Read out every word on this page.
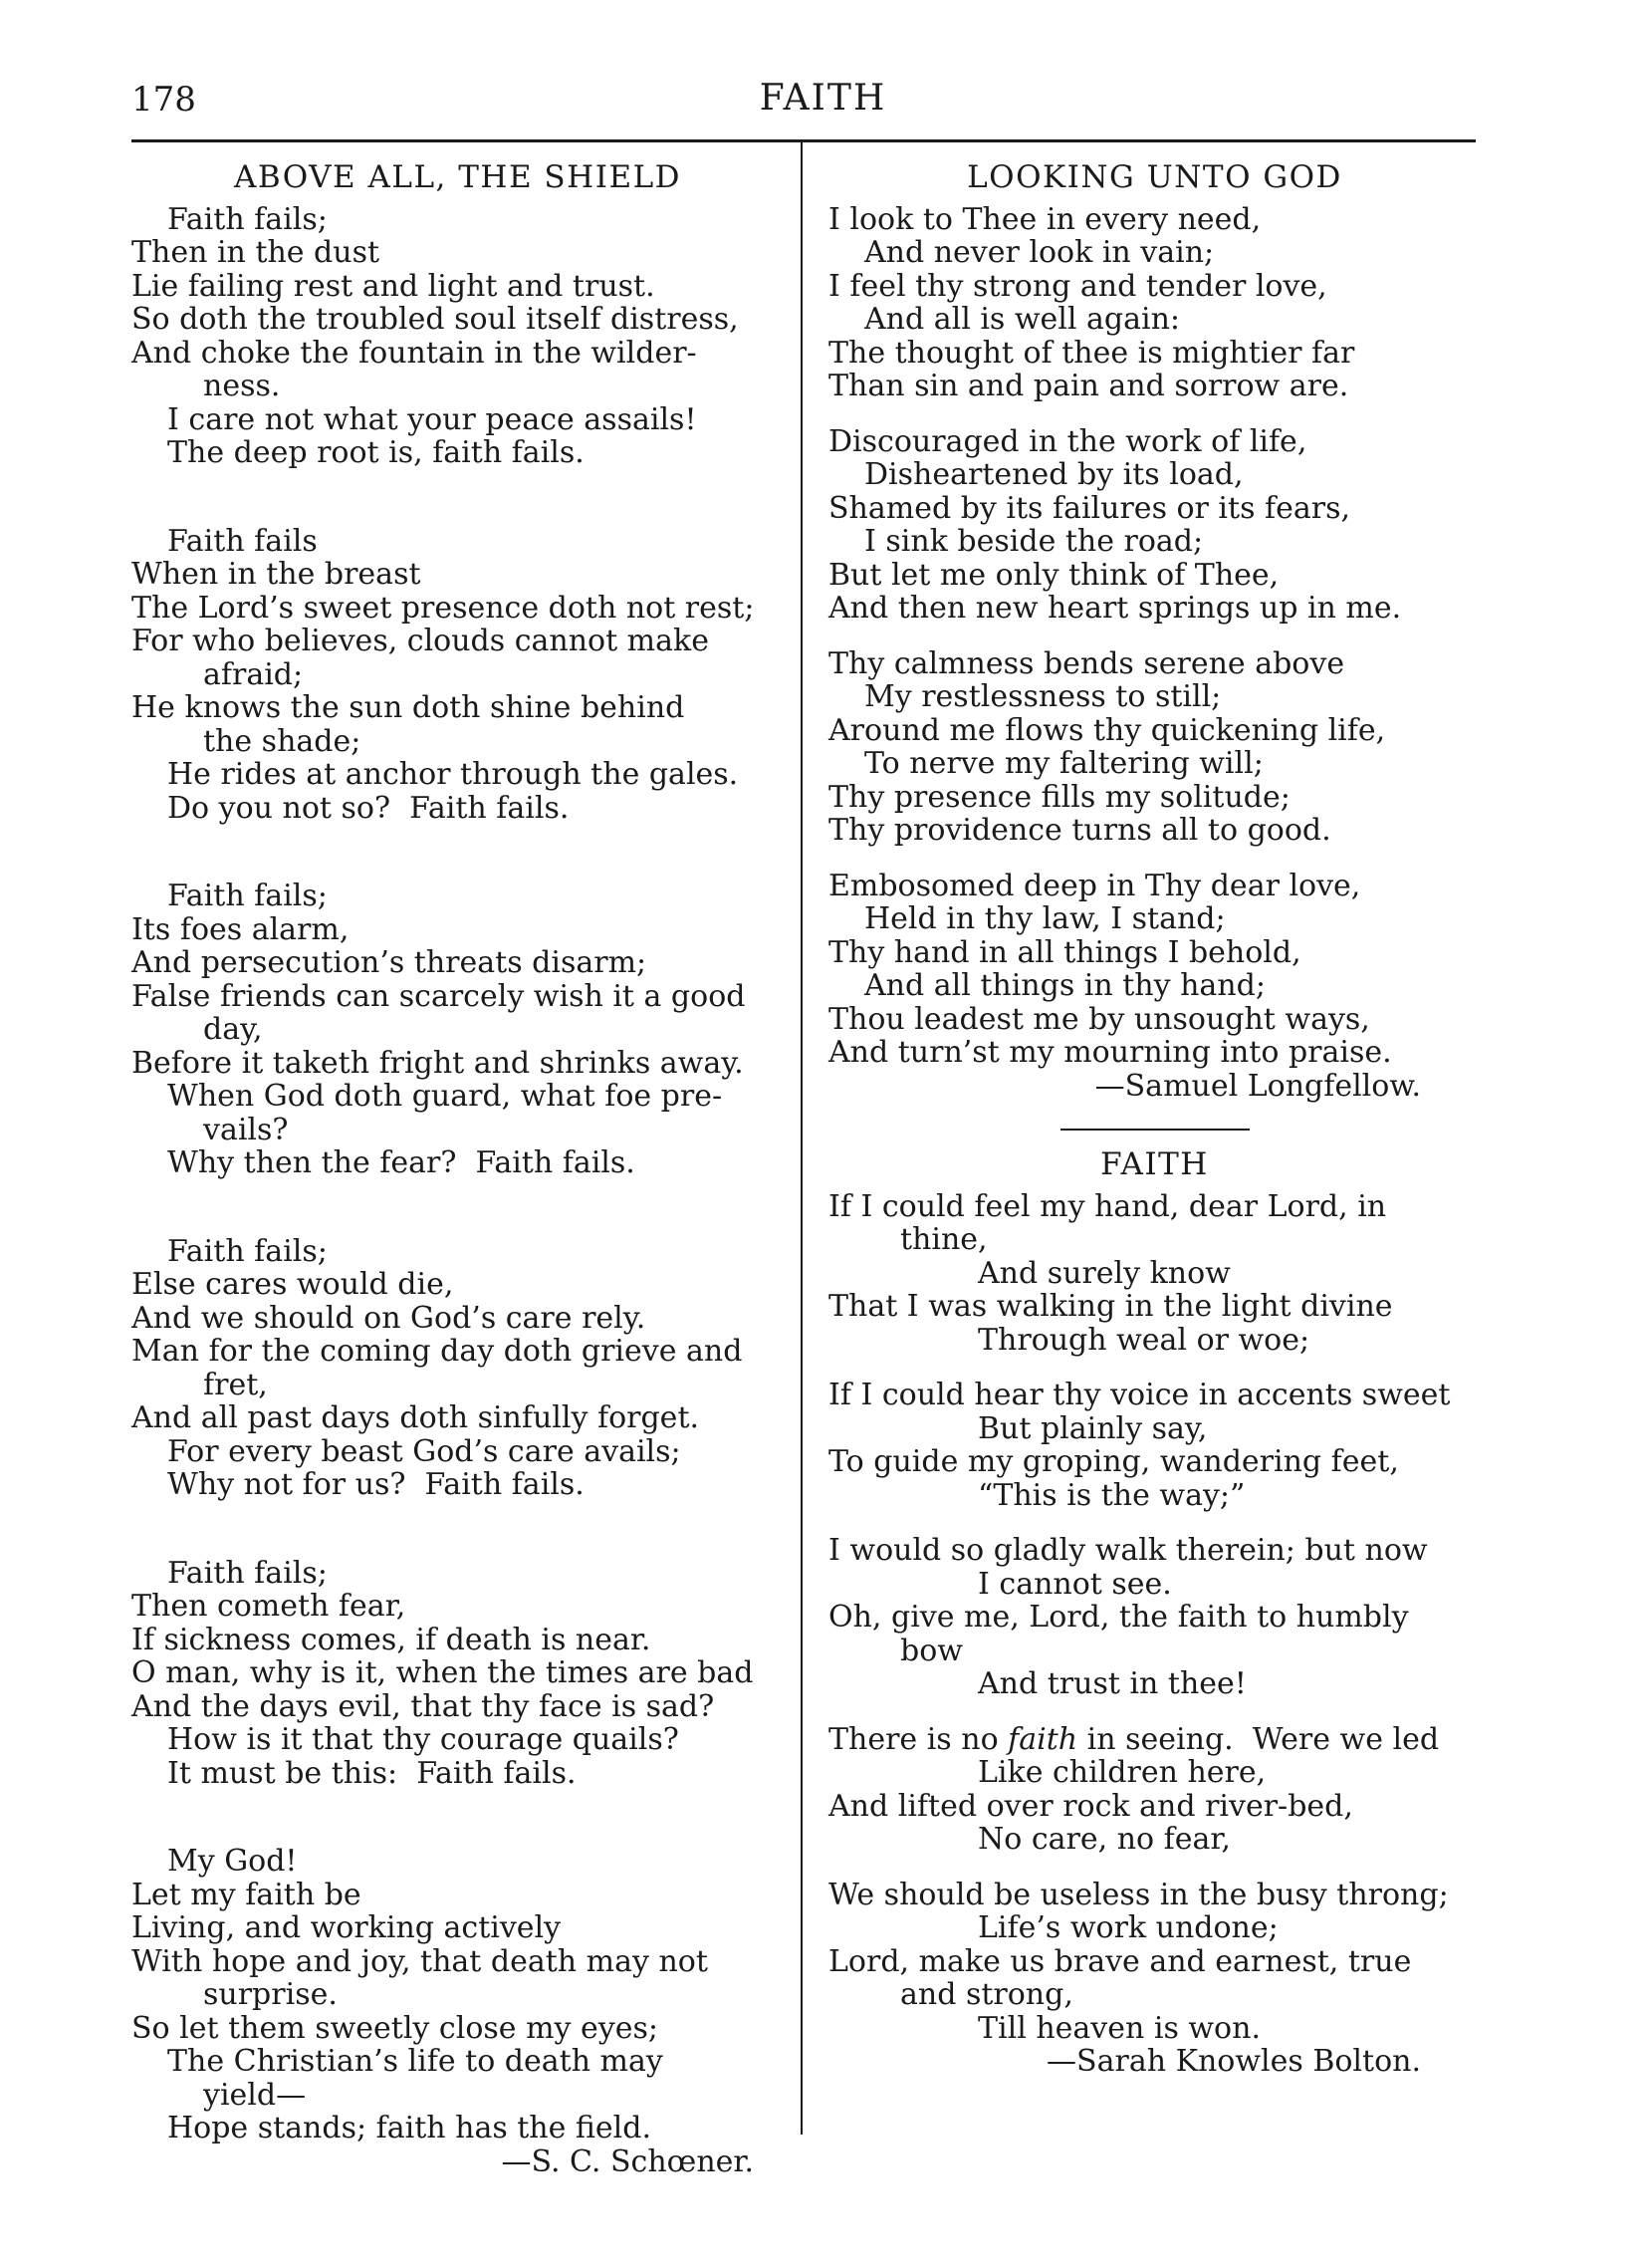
178	FAITH
ABOVE ALL, THE SHIELD
Faith fails;
Then in the dust
Lie failing rest and light and trust.
So doth the troubled soul itself distress,
And choke the fountain in the wilder-
ness.
I care not what your peace assails!
The deep root is, faith fails.
Faith fails
When in the breast
The Lord’s sweet presence doth not rest;
For who believes, clouds cannot make
afraid;
He knows the sun doth shine behind
the shade;
He rides at anchor through the gales.
Do you not so?  Faith fails.
Faith fails;
Its foes alarm,
And persecution’s threats disarm;
False friends can scarcely wish it a good
day,
Before it taketh fright and shrinks away.
When God doth guard, what foe pre-
vails?
Why then the fear?  Faith fails.
Faith fails;
Else cares would die,
And we should on God’s care rely.
Man for the coming day doth grieve and
fret,
And all past days doth sinfully forget.
For every beast God’s care avails;
Why not for us?  Faith fails.
Faith fails;
Then cometh fear,
If sickness comes, if death is near.
O man, why is it, when the times are bad
And the days evil, that thy face is sad?
How is it that thy courage quails?
It must be this:  Faith fails.
My God!
Let my faith be
Living, and working actively
With hope and joy, that death may not
surprise.
So let them sweetly close my eyes;
The Christian’s life to death may
yield—
Hope stands; faith has the field.
—S. C. Schœner.
LOOKING UNTO GOD
I look to Thee in every need,
And never look in vain;
I feel thy strong and tender love,
And all is well again:
The thought of thee is mightier far
Than sin and pain and sorrow are.
Discouraged in the work of life,
Disheartened by its load,
Shamed by its failures or its fears,
I sink beside the road;
But let me only think of Thee,
And then new heart springs up in me.
Thy calmness bends serene above
My restlessness to still;
Around me flows thy quickening life,
To nerve my faltering will;
Thy presence fills my solitude;
Thy providence turns all to good.
Embosomed deep in Thy dear love,
Held in thy law, I stand;
Thy hand in all things I behold,
And all things in thy hand;
Thou leadest me by unsought ways,
And turn’st my mourning into praise.
—Samuel Longfellow.
FAITH
If I could feel my hand, dear Lord, in
thine,
And surely know
That I was walking in the light divine
Through weal or woe;
If I could hear thy voice in accents sweet
But plainly say,
To guide my groping, wandering feet,
“This is the way;”
I would so gladly walk therein; but now
I cannot see.
Oh, give me, Lord, the faith to humbly
bow
And trust in thee!
There is no faith in seeing.  Were we led
Like children here,
And lifted over rock and river-bed,
No care, no fear,
We should be useless in the busy throng;
Life’s work undone;
Lord, make us brave and earnest, true
and strong,
Till heaven is won.
—Sarah Knowles Bolton.
